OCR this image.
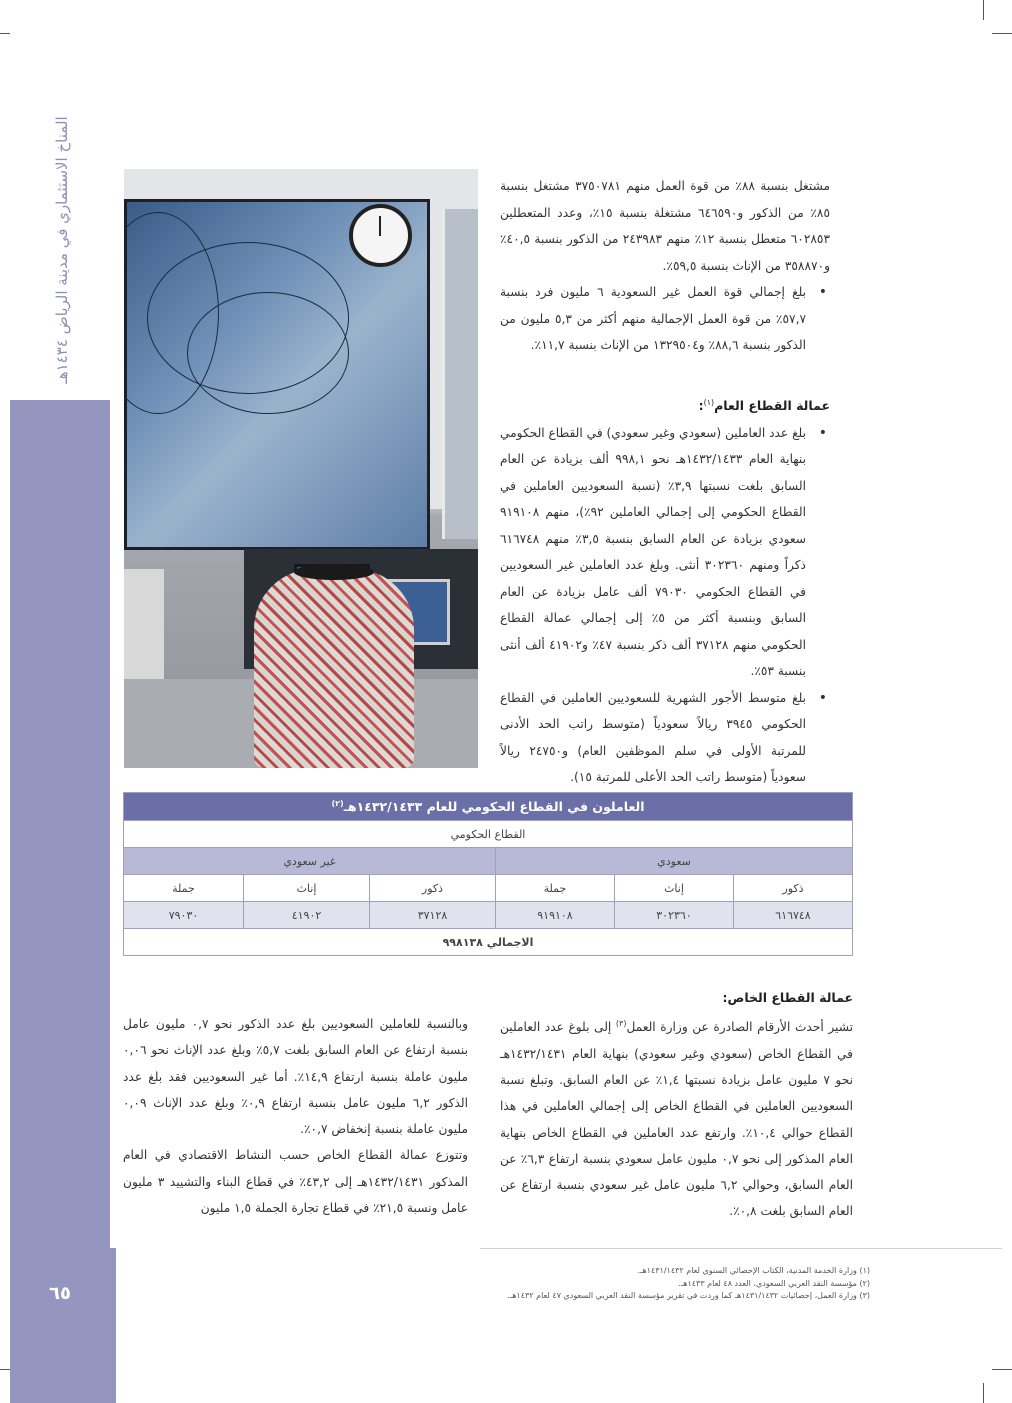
المناخ الاستثماري في مدينة الرياض ١٤٣٤هـ
٦٥

مشتغل بنسبة ٨٨٪ من قوة العمل منهم ٣٧٥٠٧٨١ مشتغل بنسبة ٨٥٪ من الذكور و٦٤٦٥٩٠ مشتغلة بنسبة ١٥٪، وعدد المتعطلين ٦٠٢٨٥٣ متعطل بنسبة ١٢٪ منهم ٢٤٣٩٨٣ من الذكور بنسبة ٤٠,٥٪ و٣٥٨٨٧٠ من الإناث بنسبة ٥٩,٥٪.

• بلغ إجمالي قوة العمل غير السعودية ٦ مليون فرد بنسبة ٥٧,٧٪ من قوة العمل الإجمالية منهم أكثر من ٥,٣ مليون من الذكور بنسبة ٨٨,٦٪ و١٣٢٩٥٠٤ من الإناث بنسبة ١١,٧٪.

عمالة القطاع العام$^{(١)}$:

• بلغ عدد العاملين (سعودي وغير سعودي) في القطاع الحكومي بنهاية العام ١٤٣٢/١٤٣٣هـ نحو ٩٩٨,١ ألف بزيادة عن العام السابق بلغت نسبتها ٣,٩٪ (نسبة السعوديين العاملين في القطاع الحكومي إلى إجمالي العاملين ٩٢٪)، منهم ٩١٩١٠٨ سعودي بزيادة عن العام السابق بنسبة ٣,٥٪ منهم ٦١٦٧٤٨ ذكراً ومنهم ٣٠٢٣٦٠ أنثى. وبلغ عدد العاملين غير السعوديين في القطاع الحكومي ٧٩٠٣٠ ألف عامل بزيادة عن العام السابق وبنسبة أكثر من ٥٪ إلى إجمالي عمالة القطاع الحكومي منهم ٣٧١٢٨ ألف ذكر بنسبة ٤٧٪ و٤١٩٠٢ ألف أنثى بنسبة ٥٣٪.

• بلغ متوسط الأجور الشهرية للسعوديين العاملين في القطاع الحكومي ٣٩٤٥ ريالاً سعودياً (متوسط راتب الحد الأدنى للمرتبة الأولى في سلم الموظفين العام) و٢٤٧٥٠ ريالاً سعودياً (متوسط راتب الحد الأعلى للمرتبة ١٥).

العاملون في القطاع الحكومي للعام ١٤٣٢/١٤٣٣هـ$^{(٢)}$
القطاع الحكومي					
سعودي			غير سعودي		
ذكور	إناث	جملة	ذكور	إناث	جملة
٦١٦٧٤٨	٣٠٢٣٦٠	٩١٩١٠٨	٣٧١٢٨	٤١٩٠٢	٧٩٠٣٠
الاجمالي ٩٩٨١٣٨					

عمالة القطاع الخاص:

تشير أحدث الأرقام الصادرة عن وزارة العمل$^{(٣)}$ إلى بلوغ عدد العاملين في القطاع الخاص (سعودي وغير سعودي) بنهاية العام ١٤٣٢/١٤٣١هـ نحو ٧ مليون عامل بزيادة نسبتها ١,٤٪ عن العام السابق. وتبلغ نسبة السعوديين العاملين في القطاع الخاص إلى إجمالي العاملين في هذا القطاع حوالي ١٠,٤٪. وارتفع عدد العاملين في القطاع الخاص بنهاية العام المذكور إلى نحو ٠,٧ مليون عامل سعودي بنسبة ارتفاع ٦,٣٪ عن العام السابق، وحوالي ٦,٢ مليون عامل غير سعودي بنسبة ارتفاع عن العام السابق بلغت ٠,٨٪.

وبالنسبة للعاملين السعوديين بلغ عدد الذكور نحو ٠,٧ مليون عامل بنسبة ارتفاع عن العام السابق بلغت ٥,٧٪ وبلغ عدد الإناث نحو ٠,٠٦ مليون عاملة بنسبة ارتفاع ١٤,٩٪. أما غير السعوديين فقد بلغ عدد الذكور ٦,٢ مليون عامل بنسبة ارتفاع ٠,٩٪ وبلغ عدد الإناث ٠,٠٩ مليون عاملة بنسبة إنخفاض ٠,٧٪.

وتتوزع عمالة القطاع الخاص حسب النشاط الاقتصادي في العام المذكور ١٤٣٢/١٤٣١هـ إلى ٤٣,٢٪ في قطاع البناء والتشييد ٣ مليون عامل ونسبة ٢١,٥٪ في قطاع تجارة الجملة ١,٥ مليون

(١) وزارة الخدمة المدنية، الكتاب الإحصائي السنوي لعام ١٤٣١/١٤٣٢هـ.

(٢) مؤسسة النقد العربي السعودي، العدد ٤٨ لعام ١٤٣٣هـ.

(٣) وزارة العمل، إحصائيات ١٤٣١/١٤٣٢هـ كما وردت في تقرير مؤسسة النقد العربي السعودي ٤٧ لعام ١٤٣٢هـ.
